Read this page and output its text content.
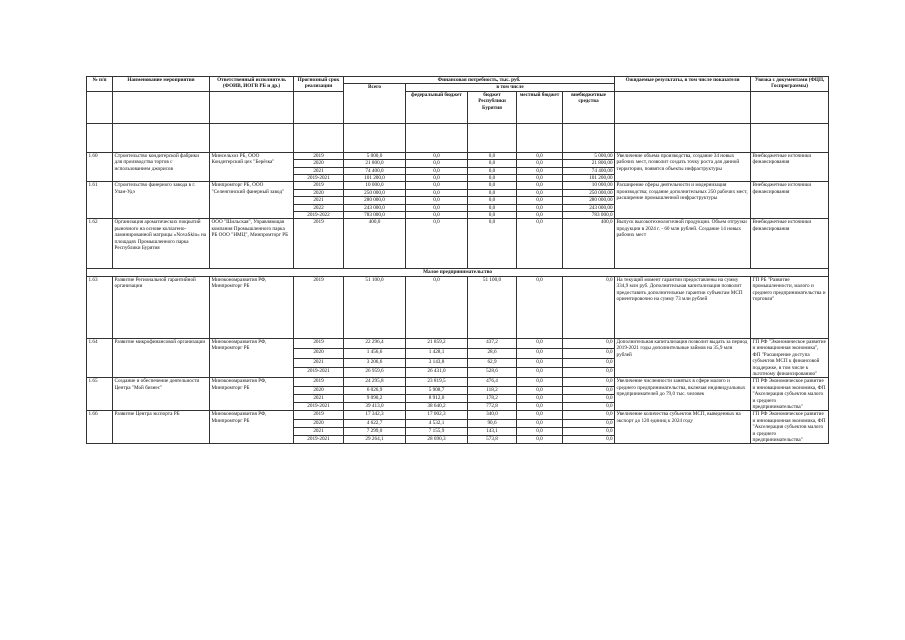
№ п/п	Наименование мероприятия	Ответственный исполнитель (ФОИВ, ИОГВ РБ и др.)	Прогнозный срок реализации	Финансовая потребность, тыс. руб.					Ожидаемые результаты, в том числе показатели	Увязка с документами (ФЦП, Госпрограммы)
				Всего	в том числе					
					федеральный бюджет	бюджет Республики Бурятия	местный бюджет	внебюджетные средства		

1.60	Строительство кондитерской фабрики для производства тортов с использованием джорисов	Минсельхоз РБ, ООО Кондитерский цех "Берёзка"	2019	5 000,0	0,0	0,0	0,0	5 000,00	Увеличение объема производства, создание 34 новых рабочих мест, позволит создать точку роста для данной территории, появятся объекты инфраструктуры	Внебюджетные источники финансирования
			2020	21 800,0	0,0	0,0	0,0	21 800,00		
			2021	74 400,0	0,0	0,0	0,0	74 400,00		
			2019-2021	101 200,0	0,0	0,0	0,0	101 200,00		
1.61	Строительство фанерного завода в г. Улан-Удэ	Минпромторг РБ, ООО "Селенгинский фанерный завод"	2019	10 000,0	0,0	0,0	0,0	10 000,00	Расширение сферы деятельности и модернизация производства; создание дополнительных 250 рабочих мест, расширение промышленной инфраструктуры	Внебюджетные источники финансирования
			2020	250 000,0	0,0	0,0	0,0	250 000,00		
			2021	280 000,0	0,0	0,0	0,0	280 000,00		
			2022	243 000,0	0,0	0,0	0,0	243 000,00		
			2019-2022	783 000,0	0,0	0,0	0,0	783 000,0		
1.62	Организация ароматических покрытий рыночного на основе коллагено-ламинированной матрицы «NovaSkin» на площадях Промышленного парка Республики Бурятия	ООО "Шильская", Управляющая компания Промышленного парка РБ ООО "НМЦ", Минпромторг РБ	2019	400,0	0,0	0,0	0,0	400,0	Выпуск высокотехнологичной продукции. Объем отгрузки продукции в 2024 г. - 60 млн рублей. Создание 14 новых рабочих мест	Внебюджетные источники финансирования
Малое предпринимательство										
1.63	Развитие Региональной гарантийной организации	Минэкономразвития РФ, Минпромторг РБ	2019	51 100,0	0,0	51 100,0	0,0	0,0	На текущий момент гарантии предоставлены на сумму 334,9 млн руб. Дополнительная капитализация позволит предоставить дополнительные гарантии субъектам МСП ориентировочно на сумму 73 млн рублей	ГП РБ "Развитие промышленности, малого и среднего предпринимательства и торговли"
1.64	Развитие микрофинансовой организации	Минэкономразвития РФ, Минпромторг РБ	2019	22 296,4	21 859,2	437,2	0,0	0,0	Дополнительная капитализация позволит выдать за период 2019-2021 годы дополнительные займов на 35,9 млн рублей	ГП РФ "Экономическое развитие и инновационная экономика", ФП "Расширение доступа субъектов МСП к финансовой поддержке, в том числе к льготному финансированию"
			2020	1 456,6	1 428,1	28,6	0,0	0,0		
			2021	3 206,6	3 143,8	62,9	0,0	0,0		
			2019-2021	26 959,6	26 431,0	528,6	0,0	0,0		
1.65	Создание и обеспечение деятельности Центра "Мой бизнес"	Минэкономразвития РФ, Минпромторг РБ	2019	24 295,8	23 819,5	476,4	0,0	0,0	Увеличение численности занятых в сфере малого и среднего предпринимательства, включая индивидуальных предпринимателей до 79,0 тыс. человек	ГП РФ Экономическое развитие и инновационная экономика, ФП "Акселерация субъектов малого и среднего предпринимательства"
			2020	6 026,9	5 908,7	118,2	0,0	0,0		
			2021	9 090,2	8 912,0	178,2	0,0	0,0		
			2019-2021	39 413,0	38 640,2	772,8	0,0	0,0		
1.66	Развитие Центра экспорта РБ	Минэкономразвития РФ, Минпромторг РБ	2019	17 342,3	17 002,3	340,0	0,0	0,0	Увеличение количества субъектов МСП, выведенных на экспорт до 120 единиц к 2024 году	ГП РФ Экономическое развитие и инновационная экономика, ФП "Акселерация субъектов малого и среднего предпринимательства"
			2020	4 622,7	4 532,1	90,6	0,0	0,0		
			2021	7 299,0	7 155,9	143,1	0,0	0,0		
			2019-2021	29 264,1	28 690,3	573,8	0,0	0,0		
